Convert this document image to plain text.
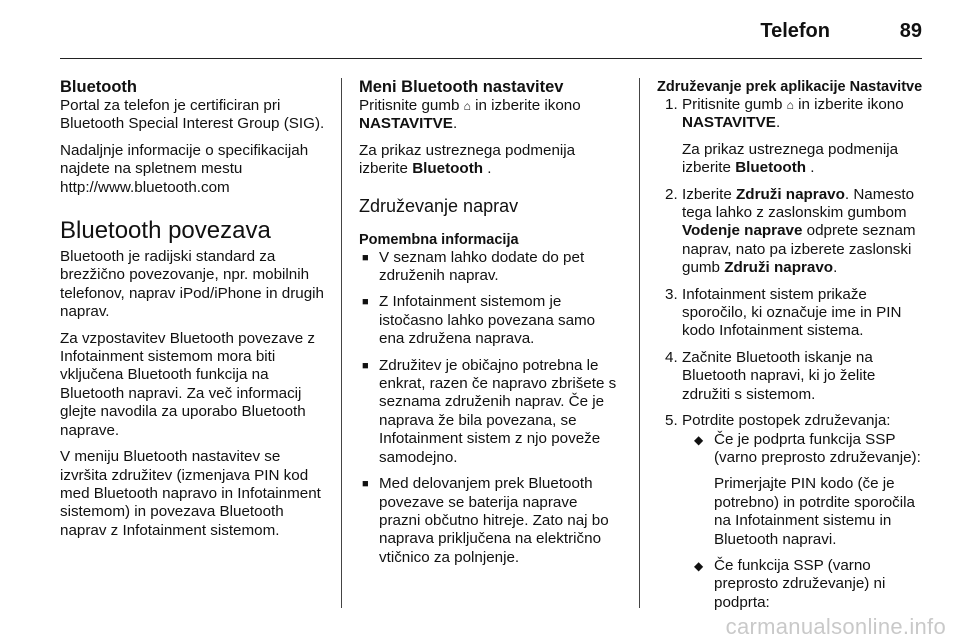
Telefon	89
Bluetooth

Portal za telefon je certificiran pri Bluetooth Special Interest Group (SIG).

Nadaljnje informacije o specifikacijah najdete na spletnem mestu http://www.bluetooth.com

Bluetooth povezava

Bluetooth je radijski standard za brezžično povezovanje, npr. mobilnih telefonov, naprav iPod/iPhone in drugih naprav.

Za vzpostavitev Bluetooth povezave z Infotainment sistemom mora biti vključena Bluetooth funkcija na Bluetooth napravi. Za več informacij glejte navodila za uporabo Bluetooth naprave.

V meniju Bluetooth nastavitev se izvršita združitev (izmenjava PIN kod med Bluetooth napravo in Infotainment sistemom) in povezava Bluetooth naprav z Infotainment sistemom.

Meni Bluetooth nastavitev

Pritisnite gumb ⌂ in izberite ikono NASTAVITVE.

Za prikaz ustreznega podmenija izberite Bluetooth .

Združevanje naprav
Pomembna informacija
■ V seznam lahko dodate do pet združenih naprav.
■ Z Infotainment sistemom je istočasno lahko povezana samo ena združena naprava.
■ Združitev je običajno potrebna le enkrat, razen če napravo zbrišete s seznama združenih naprav. Če je naprava že bila povezana, se Infotainment sistem z njo poveže samodejno.
■ Med delovanjem prek Bluetooth povezave se baterija naprave prazni občutno hitreje. Zato naj bo naprava priključena na električno vtičnico za polnjenje.
Združevanje prek aplikacije Nastavitve
1. Pritisnite gumb ⌂ in izberite ikono NASTAVITVE.
Za prikaz ustreznega podmenija izberite Bluetooth .
2. Izberite Združi napravo. Namesto tega lahko z zaslonskim gumbom Vodenje naprave odprete seznam naprav, nato pa izberete zaslonski gumb Združi napravo.
3. Infotainment sistem prikaže sporočilo, ki označuje ime in PIN kodo Infotainment sistema.
4. Začnite Bluetooth iskanje na Bluetooth napravi, ki jo želite združiti s sistemom.
5. Potrdite postopek združevanja:
◆ Če je podprta funkcija SSP (varno preprosto združevanje):
Primerjajte PIN kodo (če je potrebno) in potrdite sporočila na Infotainment sistemu in Bluetooth napravi.
◆ Če funkcija SSP (varno preprosto združevanje) ni podprta:
carmanualsonline.info
